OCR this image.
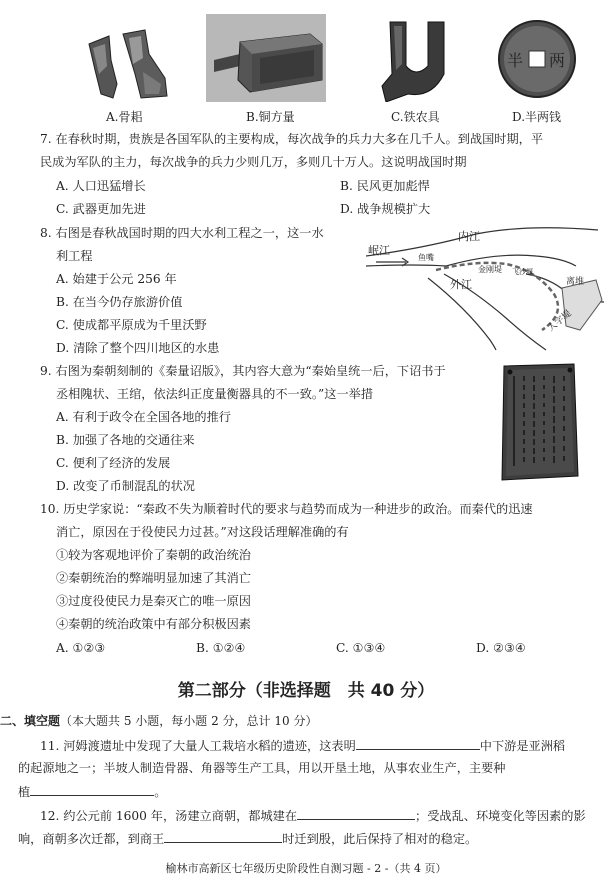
半 两
A.骨耜	B.铜方量	C.铁农具	D.半两钱
7. 在春秋时期，贵族是各国军队的主要构成，每次战争的兵力大多在几千人。到战国时期，平
民成为军队的主力，每次战争的兵力少则几万，多则几十万人。这说明战国时期
A. 人口迅猛增长	B. 民风更加彪悍
C. 武器更加先进	D. 战争规模扩大
8. 右图是春秋战国时期的四大水利工程之一，这一水
利工程
A. 始建于公元 256 年
B. 在当今仍存旅游价值
C. 使成都平原成为千里沃野
D. 清除了整个四川地区的水患
岷江
鱼嘴
内江
外江
金刚堤 飞沙堰
离堆
人字堤
9. 右图为秦朝刻制的《秦量诏版》，其内容大意为“秦始皇统一后，下诏书于
丞相隗状、王绾，依法纠正度量衡器具的不一致。”这一举措
A. 有利于政令在全国各地的推行
B. 加强了各地的交通往来
C. 便利了经济的发展
D. 改变了币制混乱的状况
10. 历史学家说：“秦政不失为顺着时代的要求与趋势而成为一种进步的政治。而秦代的迅速
消亡，原因在于役使民力过甚。”对这段话理解准确的有
①较为客观地评价了秦朝的政治统治
②秦朝统治的弊端明显加速了其消亡
③过度役使民力是秦灭亡的唯一原因
④秦朝的统治政策中有部分积极因素
A. ①②③	B. ①②④	C. ①③④	D. ②③④
第二部分（非选择题　共 40 分）
二、填空题（本大题共 5 小题，每小题 2 分，总计 10 分）
11. 河姆渡遗址中发现了大量人工栽培水稻的遗迹，这表明	中下游是亚洲稻
的起源地之一；半坡人制造骨器、角器等生产工具，用以开垦土地，从事农业生产，主要种
植	。
12. 约公元前 1600 年，汤建立商朝，都城建在	；受战乱、环境变化等因素的影
响，商朝多次迁都，到商王	时迁到殷，此后保持了相对的稳定。
榆林市高新区七年级历史阶段性自测习题 - 2 -（共 4 页）
